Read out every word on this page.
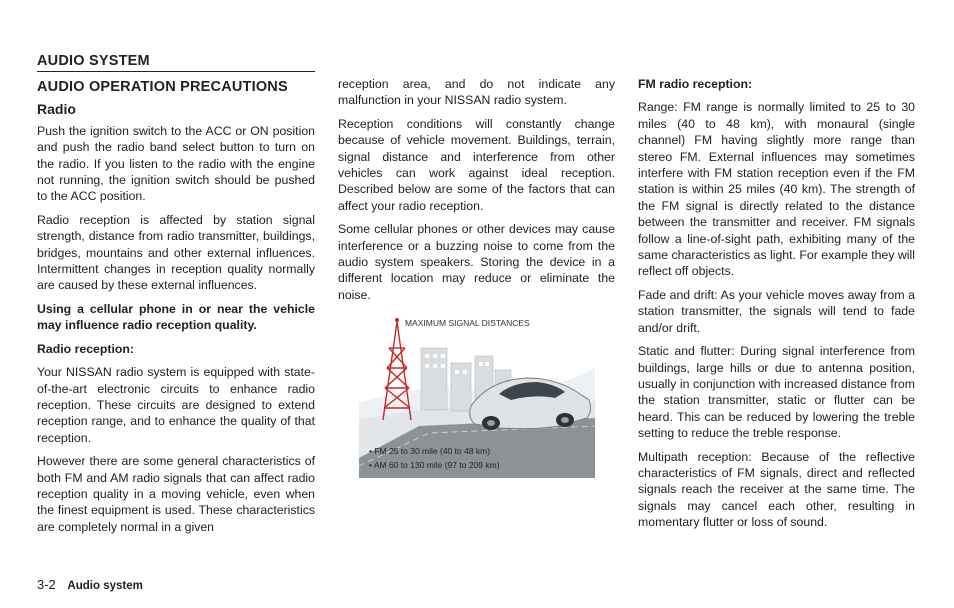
AUDIO SYSTEM
AUDIO OPERATION PRECAUTIONS
Radio

Push the ignition switch to the ACC or ON position and push the radio band select button to turn on the radio. If you listen to the radio with the engine not running, the ignition switch should be pushed to the ACC position.

Radio reception is affected by station signal strength, distance from radio transmitter, buildings, bridges, mountains and other external influences. Intermittent changes in reception quality normally are caused by these external influences.

Using a cellular phone in or near the vehicle may influence radio reception quality.

Radio reception:

Your NISSAN radio system is equipped with state-of-the-art electronic circuits to enhance radio reception. These circuits are designed to extend reception range, and to enhance the quality of that reception.

However there are some general characteristics of both FM and AM radio signals that can affect radio reception quality in a moving vehicle, even when the finest equipment is used. These characteristics are completely normal in a given

reception area, and do not indicate any malfunction in your NISSAN radio system.

Reception conditions will constantly change because of vehicle movement. Buildings, terrain, signal distance and interference from other vehicles can work against ideal reception. Described below are some of the factors that can affect your radio reception.

Some cellular phones or other devices may cause interference or a buzzing noise to come from the audio system speakers. Storing the device in a different location may reduce or eliminate the noise.

MAXIMUM SIGNAL DISTANCES
• FM 25 to 30 mile (40 to 48 km)
• AM 60 to 130 mile (97 to 209 km)

FM radio reception:

Range: FM range is normally limited to 25 to 30 miles (40 to 48 km), with monaural (single channel) FM having slightly more range than stereo FM. External influences may sometimes interfere with FM station reception even if the FM station is within 25 miles (40 km). The strength of the FM signal is directly related to the distance between the transmitter and receiver. FM signals follow a line-of-sight path, exhibiting many of the same characteristics as light. For example they will reflect off objects.

Fade and drift: As your vehicle moves away from a station transmitter, the signals will tend to fade and/or drift.

Static and flutter: During signal interference from buildings, large hills or due to antenna position, usually in conjunction with increased distance from the station transmitter, static or flutter can be heard. This can be reduced by lowering the treble setting to reduce the treble response.

Multipath reception: Because of the reflective characteristics of FM signals, direct and reflected signals reach the receiver at the same time. The signals may cancel each other, resulting in momentary flutter or loss of sound.

3-2 Audio system
